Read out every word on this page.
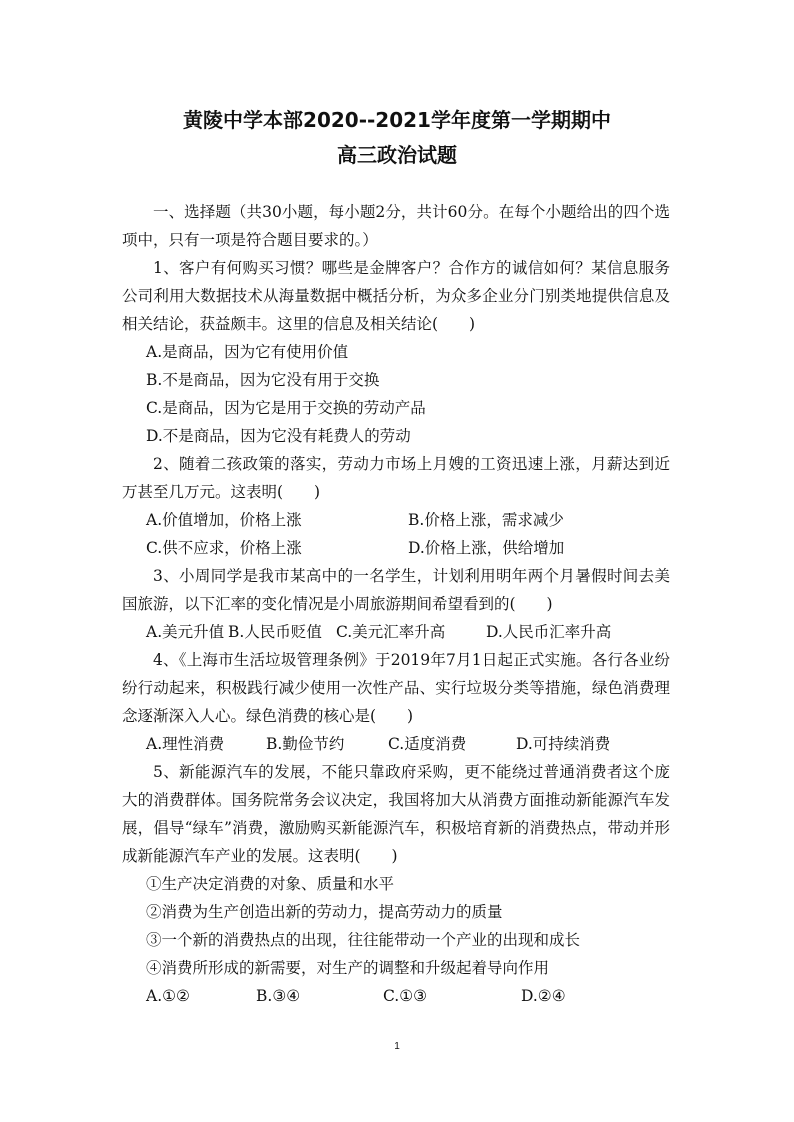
黄陵中学本部2020--2021学年度第一学期期中
高三政治试题

一、选择题（共30小题，每小题2分，共计60分。在每个小题给出的四个选项中，只有一项是符合题目要求的。）

1、客户有何购买习惯？哪些是金牌客户？合作方的诚信如何？某信息服务公司利用大数据技术从海量数据中概括分析，为众多企业分门别类地提供信息及相关结论，获益颇丰。这里的信息及相关结论(　　)

A.是商品，因为它有使用价值

B.不是商品，因为它没有用于交换

C.是商品，因为它是用于交换的劳动产品

D.不是商品，因为它没有耗费人的劳动

2、随着二孩政策的落实，劳动力市场上月嫂的工资迅速上涨，月薪达到近万甚至几万元。这表明(　　)

A.价值增加，价格上涨	B.价格上涨，需求减少
C.供不应求，价格上涨	D.价格上涨，供给增加

3、小周同学是我市某高中的一名学生，计划利用明年两个月暑假时间去美国旅游，以下汇率的变化情况是小周旅游期间希望看到的(　　)

A.美元升值 B.人民币贬值 C.美元汇率升高	D.人民币汇率升高

4、《上海市生活垃圾管理条例》于2019年7月1日起正式实施。各行各业纷纷行动起来，积极践行减少使用一次性产品、实行垃圾分类等措施，绿色消费理念逐渐深入人心。绿色消费的核心是(　　)

A.理性消费	B.勤俭节约	C.适度消费	D.可持续消费

5、新能源汽车的发展，不能只靠政府采购，更不能绕过普通消费者这个庞大的消费群体。国务院常务会议决定，我国将加大从消费方面推动新能源汽车发展，倡导“绿车”消费，激励购买新能源汽车，积极培育新的消费热点，带动并形成新能源汽车产业的发展。这表明(　　)

①生产决定消费的对象、质量和水平

②消费为生产创造出新的劳动力，提高劳动力的质量

③一个新的消费热点的出现，往往能带动一个产业的出现和成长

④消费所形成的新需要，对生产的调整和升级起着导向作用

A.①②	B.③④	C.①③	D.②④
1
